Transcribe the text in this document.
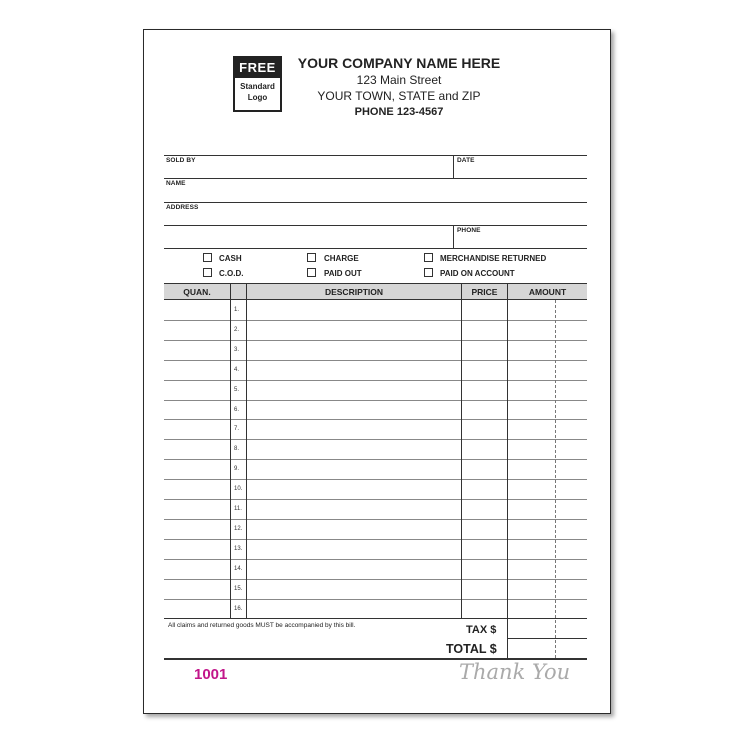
FREE
Standard
Logo
YOUR COMPANY NAME HERE
123 Main Street
YOUR TOWN, STATE and ZIP
PHONE 123-4567
SOLD BY	DATE
NAME
ADDRESS
PHONE
CASH
C.O.D.
CHARGE
PAID OUT
MERCHANDISE RETURNED
PAID ON ACCOUNT
QUAN.	DESCRIPTION	PRICE	AMOUNT
1.
2.
3.
4.
5.
6.
7.
8.
9.
10.
11.
12.
13.
14.
15.
16.
All claims and returned goods MUST be accompanied by this bill.	TAX $
TOTAL $
1001	Thank You
